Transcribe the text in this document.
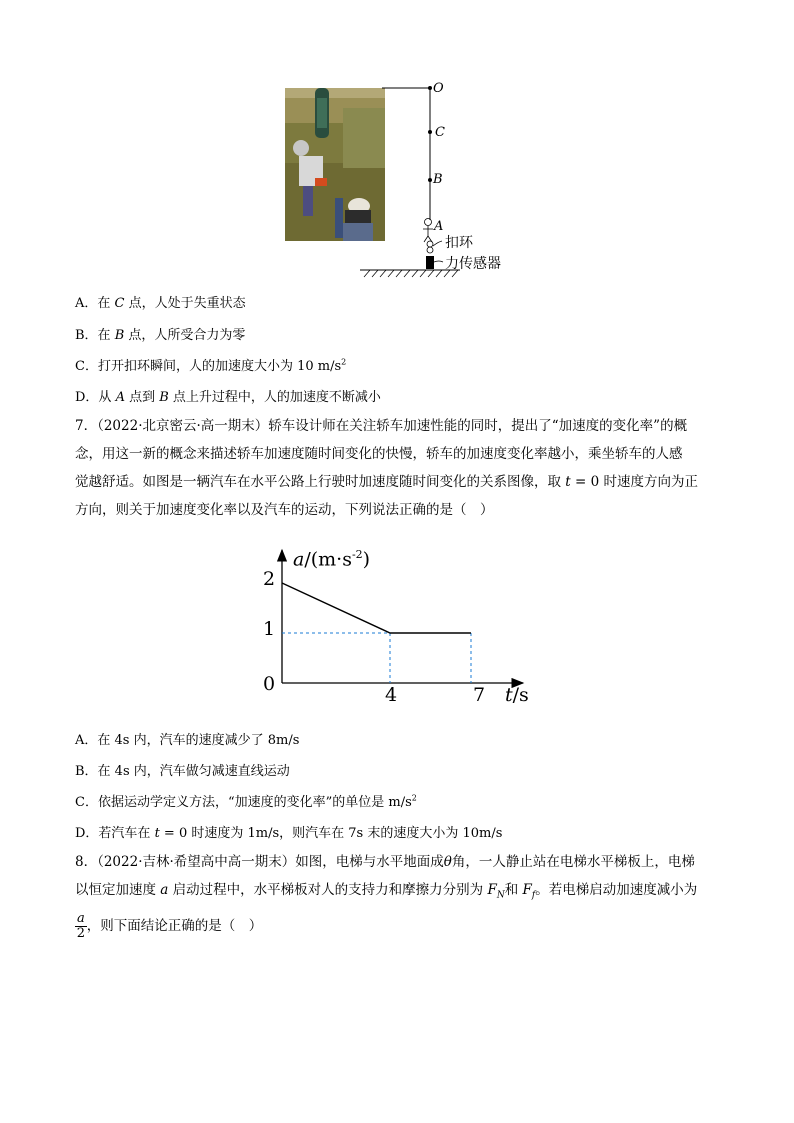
O
C
B
A
扣环
力传感器
A．在 C 点，人处于失重状态
B．在 B 点，人所受合力为零
C．打开扣环瞬间，人的加速度大小为 10 $m/s^2$
D．从 A 点到 B 点上升过程中，人的加速度不断减小
7．（2022·北京密云·高一期末）轿车设计师在关注轿车加速性能的同时，提出了“加速度的变化率”的概
念，用这一新的概念来描述轿车加速度随时间变化的快慢，轿车的加速度变化率越小，乘坐轿车的人感
觉越舒适。如图是一辆汽车在水平公路上行驶时加速度随时间变化的关系图像，取 t = 0 时速度方向为正
方向，则关于加速度变化率以及汽车的运动，下列说法正确的是（　）
$a/(m\cdot s^{-2})$
t/s
0
2
1
4	7
A．在 4s 内，汽车的速度减少了 8m/s
B．在 4s 内，汽车做匀减速直线运动
C．依据运动学定义方法，“加速度的变化率”的单位是 $m/s^2$
D．若汽车在 t = 0 时速度为 1m/s，则汽车在 7s 末的速度大小为 10m/s
8．（2022·吉林·希望高中高一期末）如图，电梯与水平地面成θ角，一人静止站在电梯水平梯板上，电梯
以恒定加速度 a 启动过程中，水平梯板对人的支持力和摩擦力分别为 $F_N$和 $F_f$。若电梯启动加速度减小为
$\frac{a}{2}$ ，则下面结论正确的是（　）
